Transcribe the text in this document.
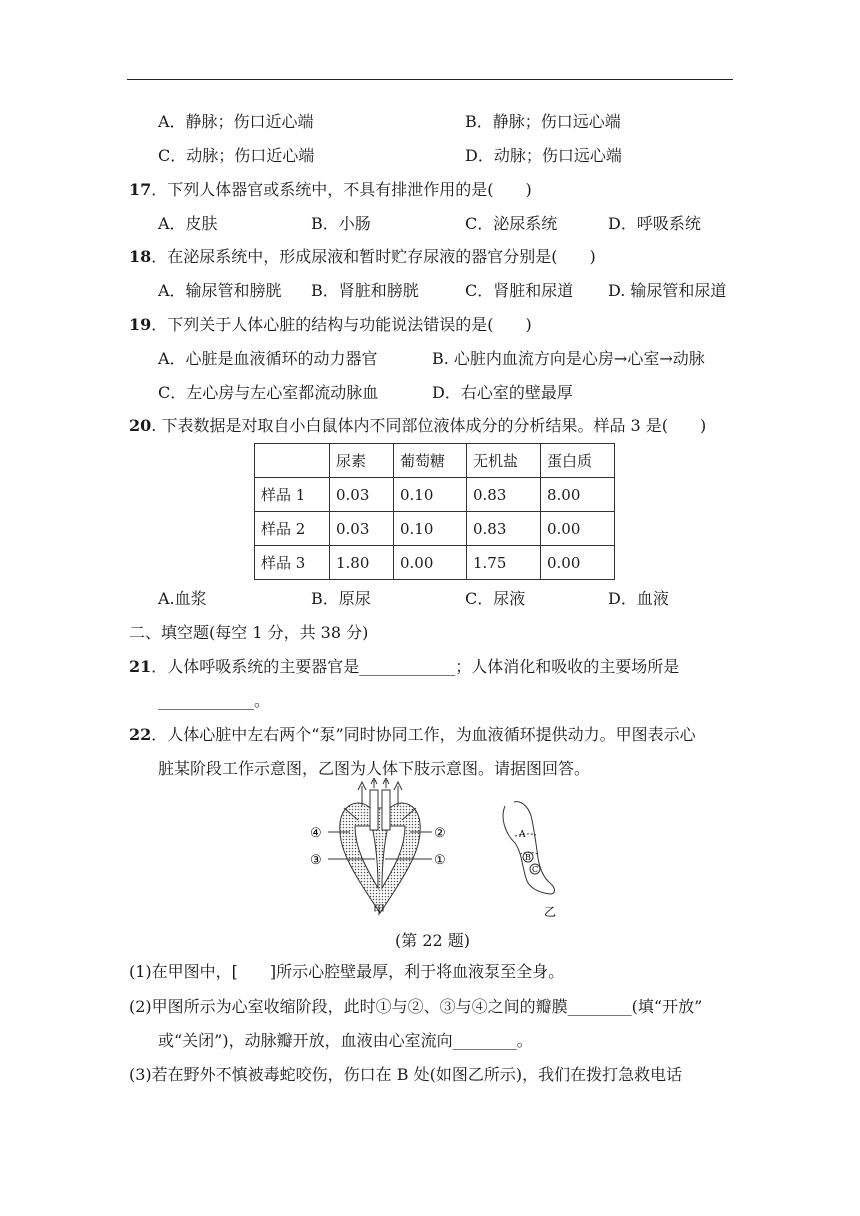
A．静脉；伤口近心端	B．静脉；伤口远心端
C．动脉；伤口近心端	D．动脉；伤口远心端
17．下列人体器官或系统中，不具有排泄作用的是(　　)
A．皮肤	B．小肠	C．泌尿系统	D．呼吸系统
18．在泌尿系统中，形成尿液和暂时贮存尿液的器官分别是(　　)
A．输尿管和膀胱 B．肾脏和膀胱	C．肾脏和尿道 D. 输尿管和尿道
19．下列关于人体心脏的结构与功能说法错误的是(　　)
A．心脏是血液循环的动力器官	B. 心脏内血流方向是心房→心室→动脉
C．左心房与左心室都流动脉血	D．右心室的壁最厚
20. 下表数据是对取自小白鼠体内不同部位液体成分的分析结果。样品 3 是(　　)
	尿素	葡萄糖	无机盐	蛋白质
样品 1	0.03	0.10	0.83	8.00
样品 2	0.03	0.10	0.83	0.00
样品 3	1.80	0.00	1.75	0.00
A.血浆	B．原尿	C．尿液	D．血液
二、填空题(每空 1 分，共 38 分)
21．人体呼吸系统的主要器官是____________；人体消化和吸收的主要场所是
____________。
22．人体心脏中左右两个“泵”同时协同工作，为血液循环提供动力。甲图表示心
脏某阶段工作示意图，乙图为人体下肢示意图。请据图回答。
④	②
③	①
甲
A
B
C
乙
(第 22 题)
(1)在甲图中，[　　]所示心腔壁最厚，利于将血液泵至全身。
(2)甲图所示为心室收缩阶段，此时①与②、③与④之间的瓣膜________(填“开放”
或“关闭”)，动脉瓣开放，血液由心室流向________。
(3)若在野外不慎被毒蛇咬伤，伤口在 B 处(如图乙所示)，我们在拨打急救电话
